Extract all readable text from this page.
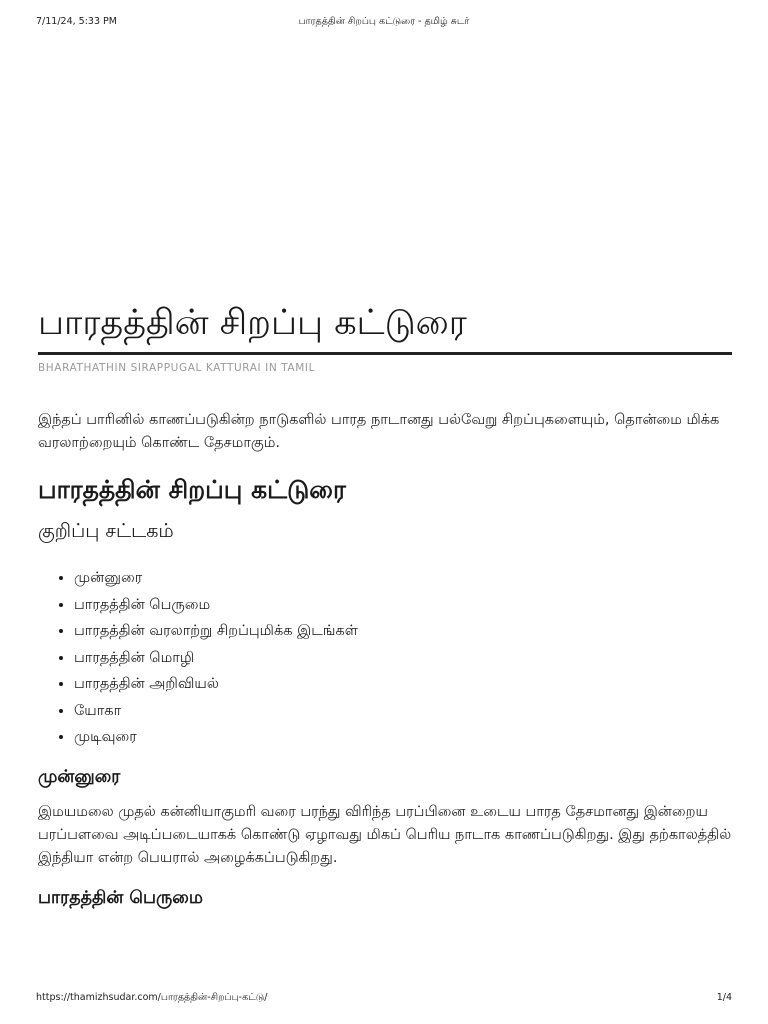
7/11/24, 5:33 PM	பாரதத்தின் சிறப்பு கட்டுரை - தமிழ் சுடர்
பாரதத்தின் சிறப்பு கட்டுரை
BHARATHATHIN SIRAPPUGAL KATTURAI IN TAMIL
இந்தப் பாரினில் காணப்படுகின்ற நாடுகளில் பாரத நாடானது பல்வேறு சிறப்புகளையும், தொன்மை மிக்க வரலாற்றையும் கொண்ட தேசமாகும்.
பாரதத்தின் சிறப்பு கட்டுரை
குறிப்பு சட்டகம்
• முன்னுரை
• பாரதத்தின் பெருமை
• பாரதத்தின் வரலாற்று சிறப்புமிக்க இடங்கள்
• பாரதத்தின் மொழி
• பாரதத்தின் அறிவியல்
• யோகா
• முடிவுரை
முன்னுரை
இமயமலை முதல் கன்னியாகுமரி வரை பரந்து விரிந்த பரப்பினை உடைய பாரத தேசமானது இன்றைய பரப்பளவை அடிப்படையாகக் கொண்டு ஏழாவது மிகப் பெரிய நாடாக காணப்படுகிறது. இது தற்காலத்தில் இந்தியா என்ற பெயரால் அழைக்கப்படுகிறது.
பாரதத்தின் பெருமை
https://thamizhsudar.com/பாரதத்தின்-சிறப்பு-கட்டு/	1/4
